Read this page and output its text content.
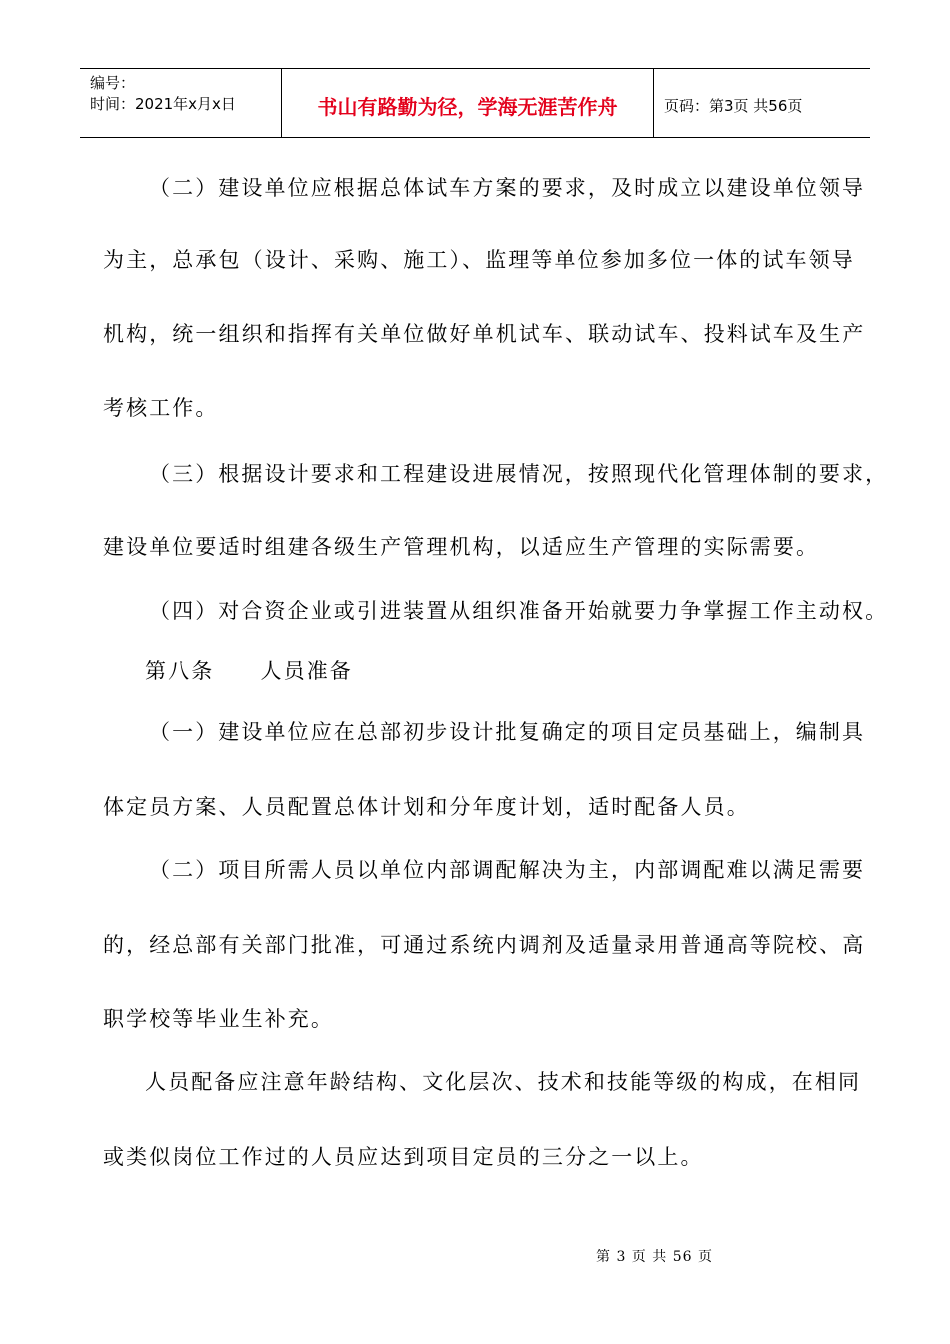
编号：
时间：2021年x月x日	书山有路勤为径，学海无涯苦作舟	页码：第3页 共56页
（二）建设单位应根据总体试车方案的要求，及时成立以建设单位领导
为主，总承包（设计、采购、施工）、监理等单位参加多位一体的试车领导
机构，统一组织和指挥有关单位做好单机试车、联动试车、投料试车及生产
考核工作。
（三）根据设计要求和工程建设进展情况，按照现代化管理体制的要求，
建设单位要适时组建各级生产管理机构，以适应生产管理的实际需要。
（四）对合资企业或引进装置从组织准备开始就要力争掌握工作主动权。
第八条　　人员准备
（一）建设单位应在总部初步设计批复确定的项目定员基础上，编制具
体定员方案、人员配置总体计划和分年度计划，适时配备人员。
（二）项目所需人员以单位内部调配解决为主，内部调配难以满足需要
的，经总部有关部门批准，可通过系统内调剂及适量录用普通高等院校、高
职学校等毕业生补充。
人员配备应注意年龄结构、文化层次、技术和技能等级的构成，在相同
或类似岗位工作过的人员应达到项目定员的三分之一以上。
第 3 页 共 56 页
